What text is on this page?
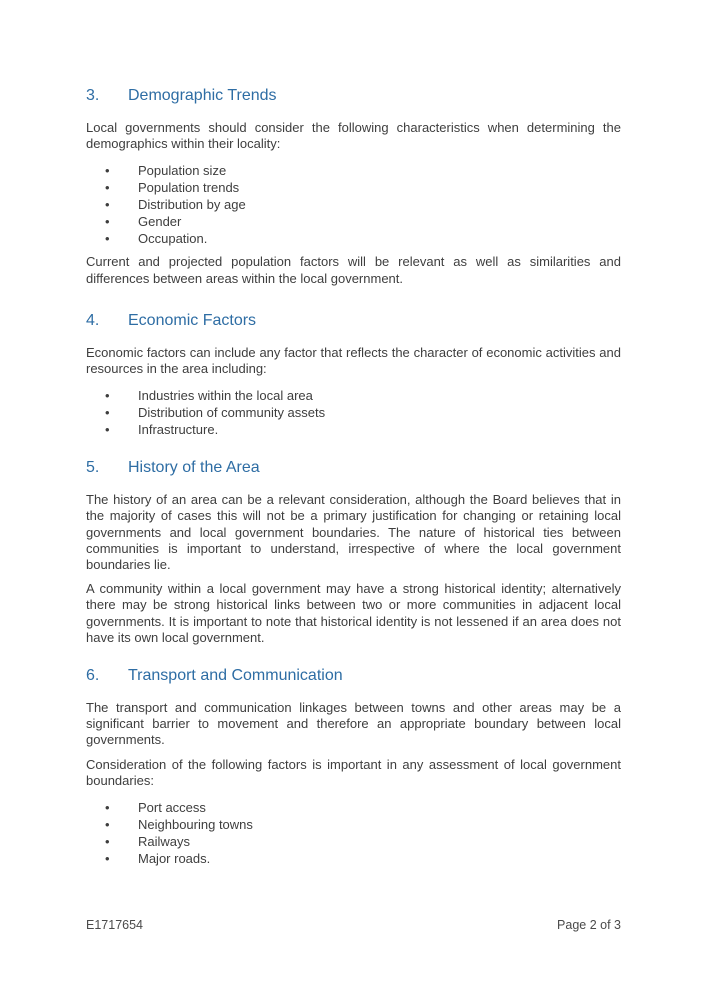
3.	Demographic Trends

Local governments should consider the following characteristics when determining the demographics within their locality:

• Population size
• Population trends
• Distribution by age
• Gender
• Occupation.

Current and projected population factors will be relevant as well as similarities and differences between areas within the local government.

4.	Economic Factors

Economic factors can include any factor that reflects the character of economic activities and resources in the area including:

• Industries within the local area
• Distribution of community assets
• Infrastructure.
5.	History of the Area

The history of an area can be a relevant consideration, although the Board believes that in the majority of cases this will not be a primary justification for changing or retaining local governments and local government boundaries. The nature of historical ties between communities is important to understand, irrespective of where the local government boundaries lie.

A community within a local government may have a strong historical identity; alternatively there may be strong historical links between two or more communities in adjacent local governments. It is important to note that historical identity is not lessened if an area does not have its own local government.

6.	Transport and Communication

The transport and communication linkages between towns and other areas may be a significant barrier to movement and therefore an appropriate boundary between local governments.

Consideration of the following factors is important in any assessment of local government boundaries:

• Port access
• Neighbouring towns
• Railways
• Major roads.
E1717654	Page 2 of 3
